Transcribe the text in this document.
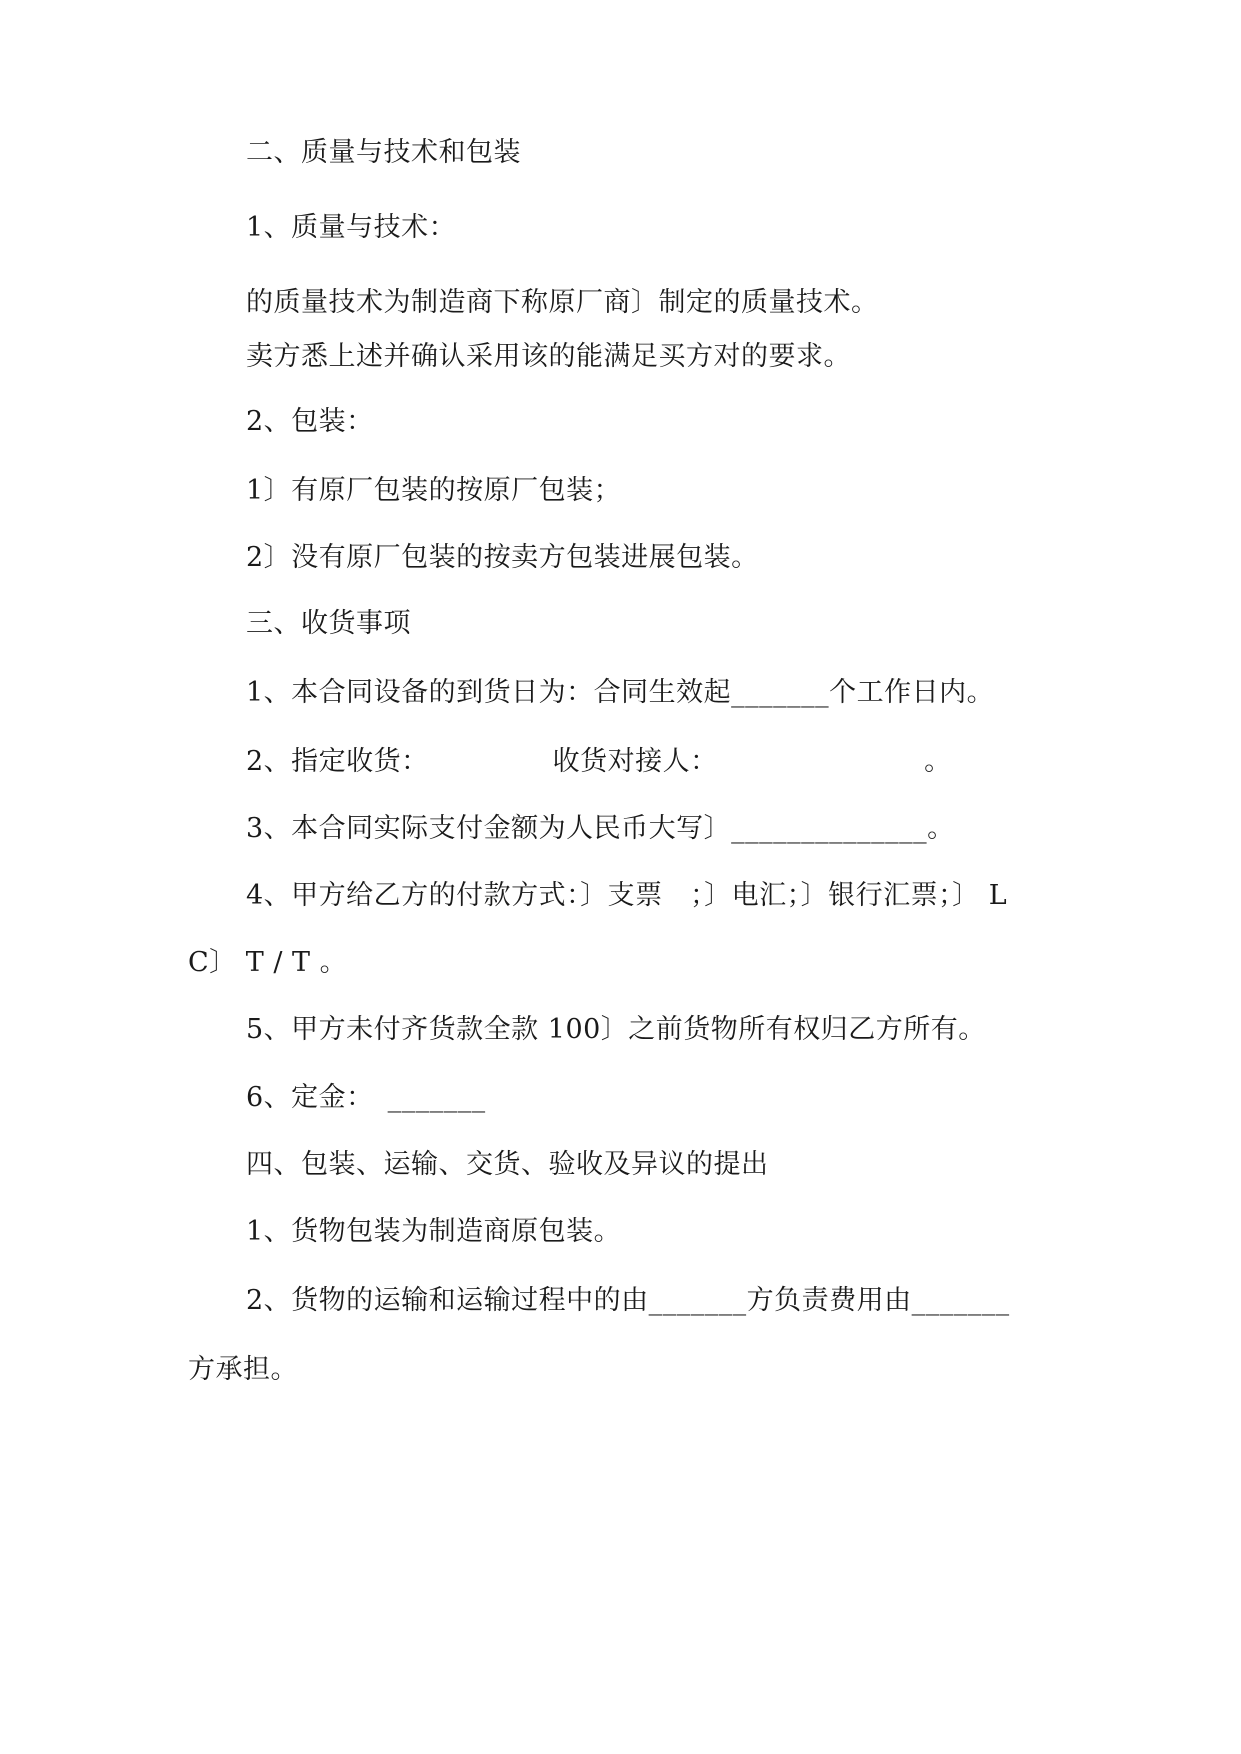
二、质量与技术和包装
1、质量与技术：
的质量技术为制造商下称原厂商〕制定的质量技术。
卖方悉上述并确认采用该的能满足买方对的要求。
2、包装：
1〕有原厂包装的按原厂包装；
2〕没有原厂包装的按卖方包装进展包装。
三、收货事项
1、本合同设备的到货日为：合同生效起_______个工作日内。
2、指定收货：　　　　　收货对接人：　　　　　　　　。
3、本合同实际支付金额为人民币大写〕______________。
4、甲方给乙方的付款方式：〕支票　；〕电汇；〕银行汇票；〕 L
C〕 T / T 。
5、甲方未付齐货款全款 100〕之前货物所有权归乙方所有。
6、定金：　_______
四、包装、运输、交货、验收及异议的提出
1、货物包装为制造商原包装。
2、货物的运输和运输过程中的由_______方负责费用由_______
方承担。
